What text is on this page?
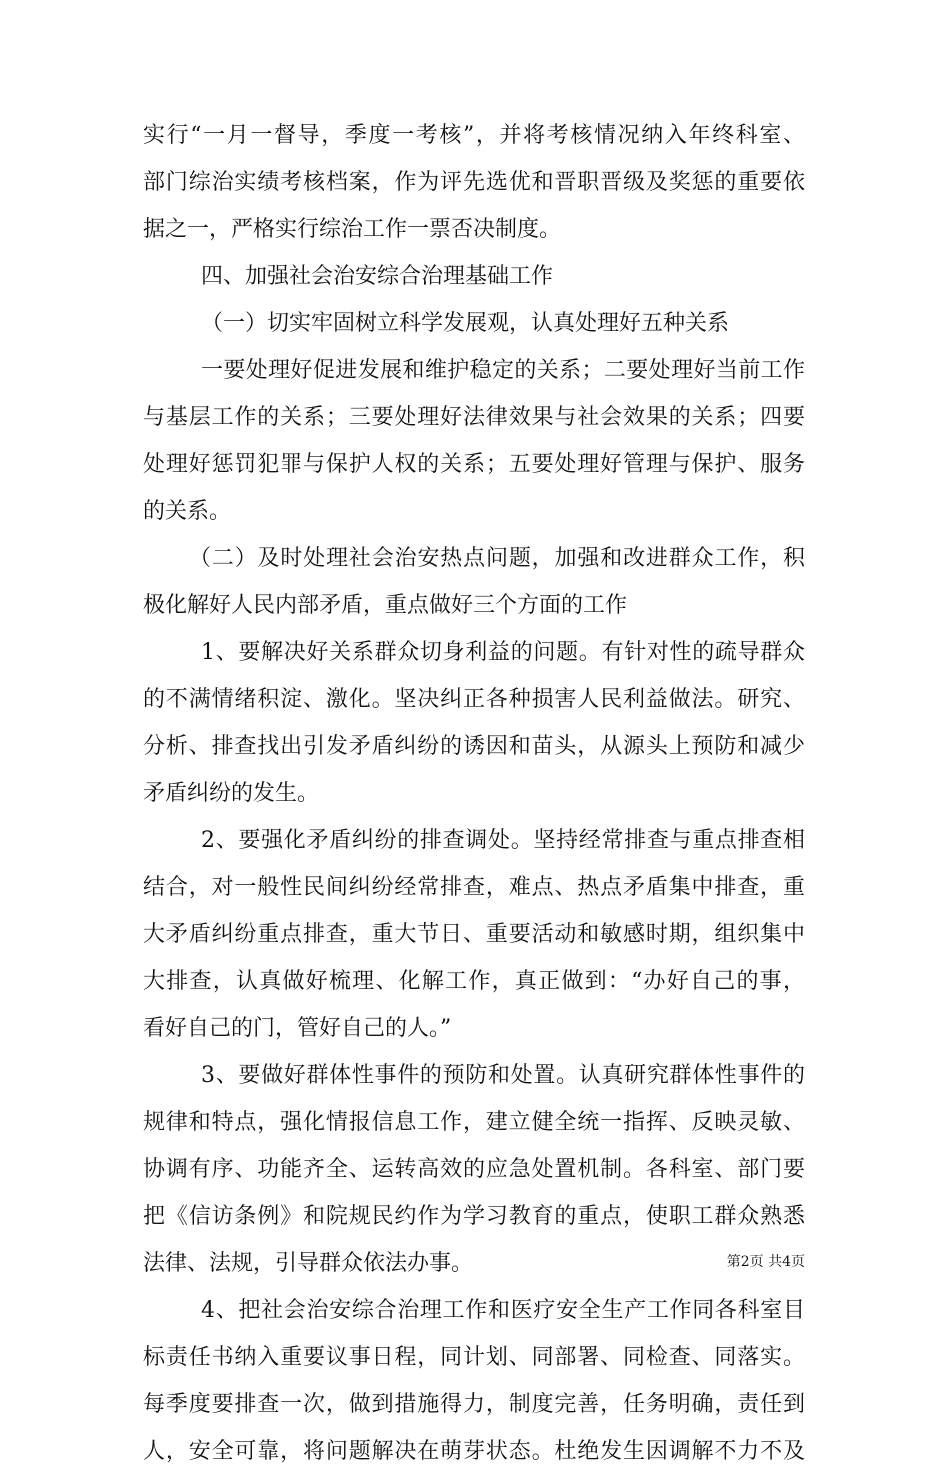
实行“一月一督导，季度一考核”，并将考核情况纳入年终科室、
部门综治实绩考核档案，作为评先选优和晋职晋级及奖惩的重要依
据之一，严格实行综治工作一票否决制度。
四、加强社会治安综合治理基础工作
（一）切实牢固树立科学发展观，认真处理好五种关系
一要处理好促进发展和维护稳定的关系；二要处理好当前工作
与基层工作的关系；三要处理好法律效果与社会效果的关系；四要
处理好惩罚犯罪与保护人权的关系；五要处理好管理与保护、服务
的关系。
（二）及时处理社会治安热点问题，加强和改进群众工作，积
极化解好人民内部矛盾，重点做好三个方面的工作
1、要解决好关系群众切身利益的问题。有针对性的疏导群众
的不满情绪积淀、激化。坚决纠正各种损害人民利益做法。研究、
分析、排查找出引发矛盾纠纷的诱因和苗头，从源头上预防和减少
矛盾纠纷的发生。
2、要强化矛盾纠纷的排查调处。坚持经常排查与重点排查相
结合，对一般性民间纠纷经常排查，难点、热点矛盾集中排查，重
大矛盾纠纷重点排查，重大节日、重要活动和敏感时期，组织集中
大排查，认真做好梳理、化解工作，真正做到：“办好自己的事，
看好自己的门，管好自己的人。”
3、要做好群体性事件的预防和处置。认真研究群体性事件的
规律和特点，强化情报信息工作，建立健全统一指挥、反映灵敏、
协调有序、功能齐全、运转高效的应急处置机制。各科室、部门要
把《信访条例》和院规民约作为学习教育的重点，使职工群众熟悉
法律、法规，引导群众依法办事。
4、把社会治安综合治理工作和医疗安全生产工作同各科室目
标责任书纳入重要议事日程，同计划、同部署、同检查、同落实。
每季度要排查一次，做到措施得力，制度完善，任务明确，责任到
人，安全可靠，将问题解决在萌芽状态。杜绝发生因调解不力不及
第2页 共4页
